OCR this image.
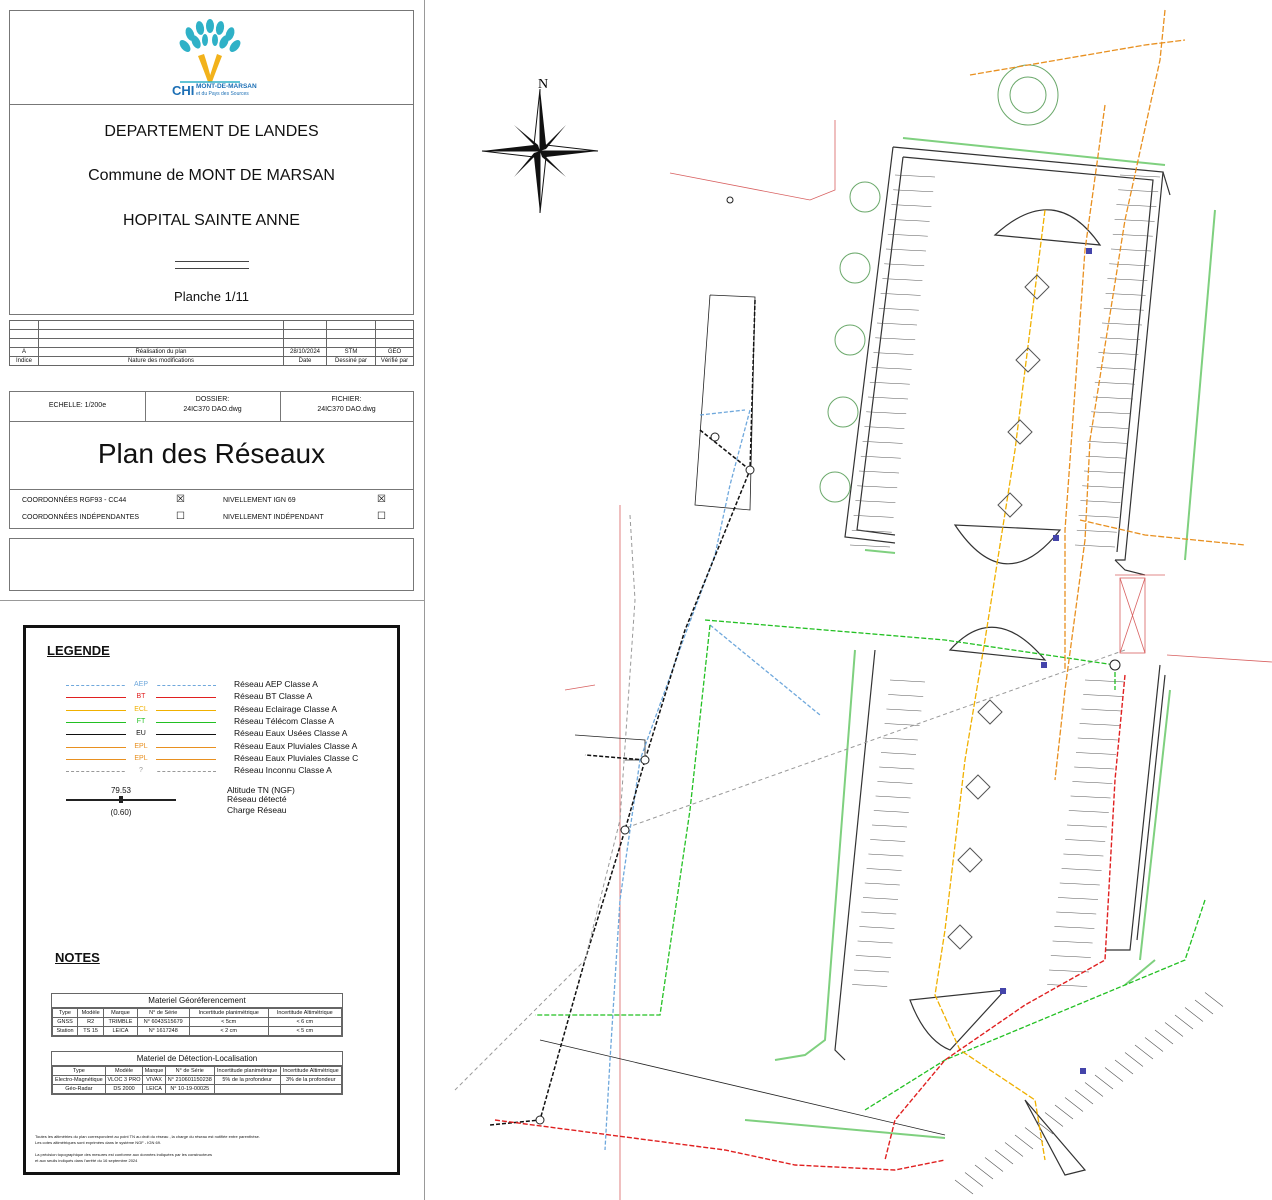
CHI MONT-DE-MARSAN
et du Pays des Sources
DEPARTEMENT DE LANDES
Commune de MONT DE MARSAN
HOPITAL SAINTE ANNE
Planche 1/11

A	Réalisation du plan	28/10/2024	STM	GEO
Indice	Nature des modifications	Date	Dessiné par	Vérifié par
ECHELLE: 1/200e
DOSSIER:
24IC370 DAO.dwg
FICHIER:
24IC370 DAO.dwg
Plan des Réseaux
COORDONNÉES RGF93 - CC44	☒
COORDONNÉES INDÉPENDANTES	☐
NIVELLEMENT IGN 69	☒
NIVELLEMENT INDÉPENDANT	☐
LEGENDE
AEP	Réseau AEP Classe A
BT	Réseau BT Classe A
ECL	Réseau Eclairage Classe A
FT	Réseau Télécom Classe A
EU	Réseau Eaux Usées Classe A
EPL	Réseau Eaux Pluviales Classe A
EPL	Réseau Eaux Pluviales Classe C
?	Réseau Inconnu Classe A
79.53
(0.60)
Altitude TN (NGF)
Réseau détecté
Charge Réseau
NOTES
Materiel Géoréferencement
Type	Modèle	Marque	N° de Série	Incertitude planimétrique	Incertitude Altimétrique
GNSS	R2	TRIMBLE	N° 6043S15679	< 5cm	< 6 cm
Station	TS 15	LEICA	N° 1617248	< 2 cm	< 5 cm
Materiel de Détection-Localisation
Type	Modèle	Marque	N° de Série	Incertitude planimétrique	Incertitude Altimétrique
Electro-Magnétique	VLOC 3 PRO	VIVAX	N° 210601150238	5% de la profondeur	3% de la profondeur
Géo-Radar	DS 2000	LEICA	N° 10-19-00025		
Toutes les altimétries du plan correspondent au point TN au droit du réseau , la charge du réseau est notifiée entre parenthèse.
Les cotes altimétriques sont exprimées dans le système NGF - IGN 69.
La précision topographique des mesures est conforme aux données indiquées par les constructeurs
et aux seuils indiqués dans l'arrêté du 16 septembre 2024
N
